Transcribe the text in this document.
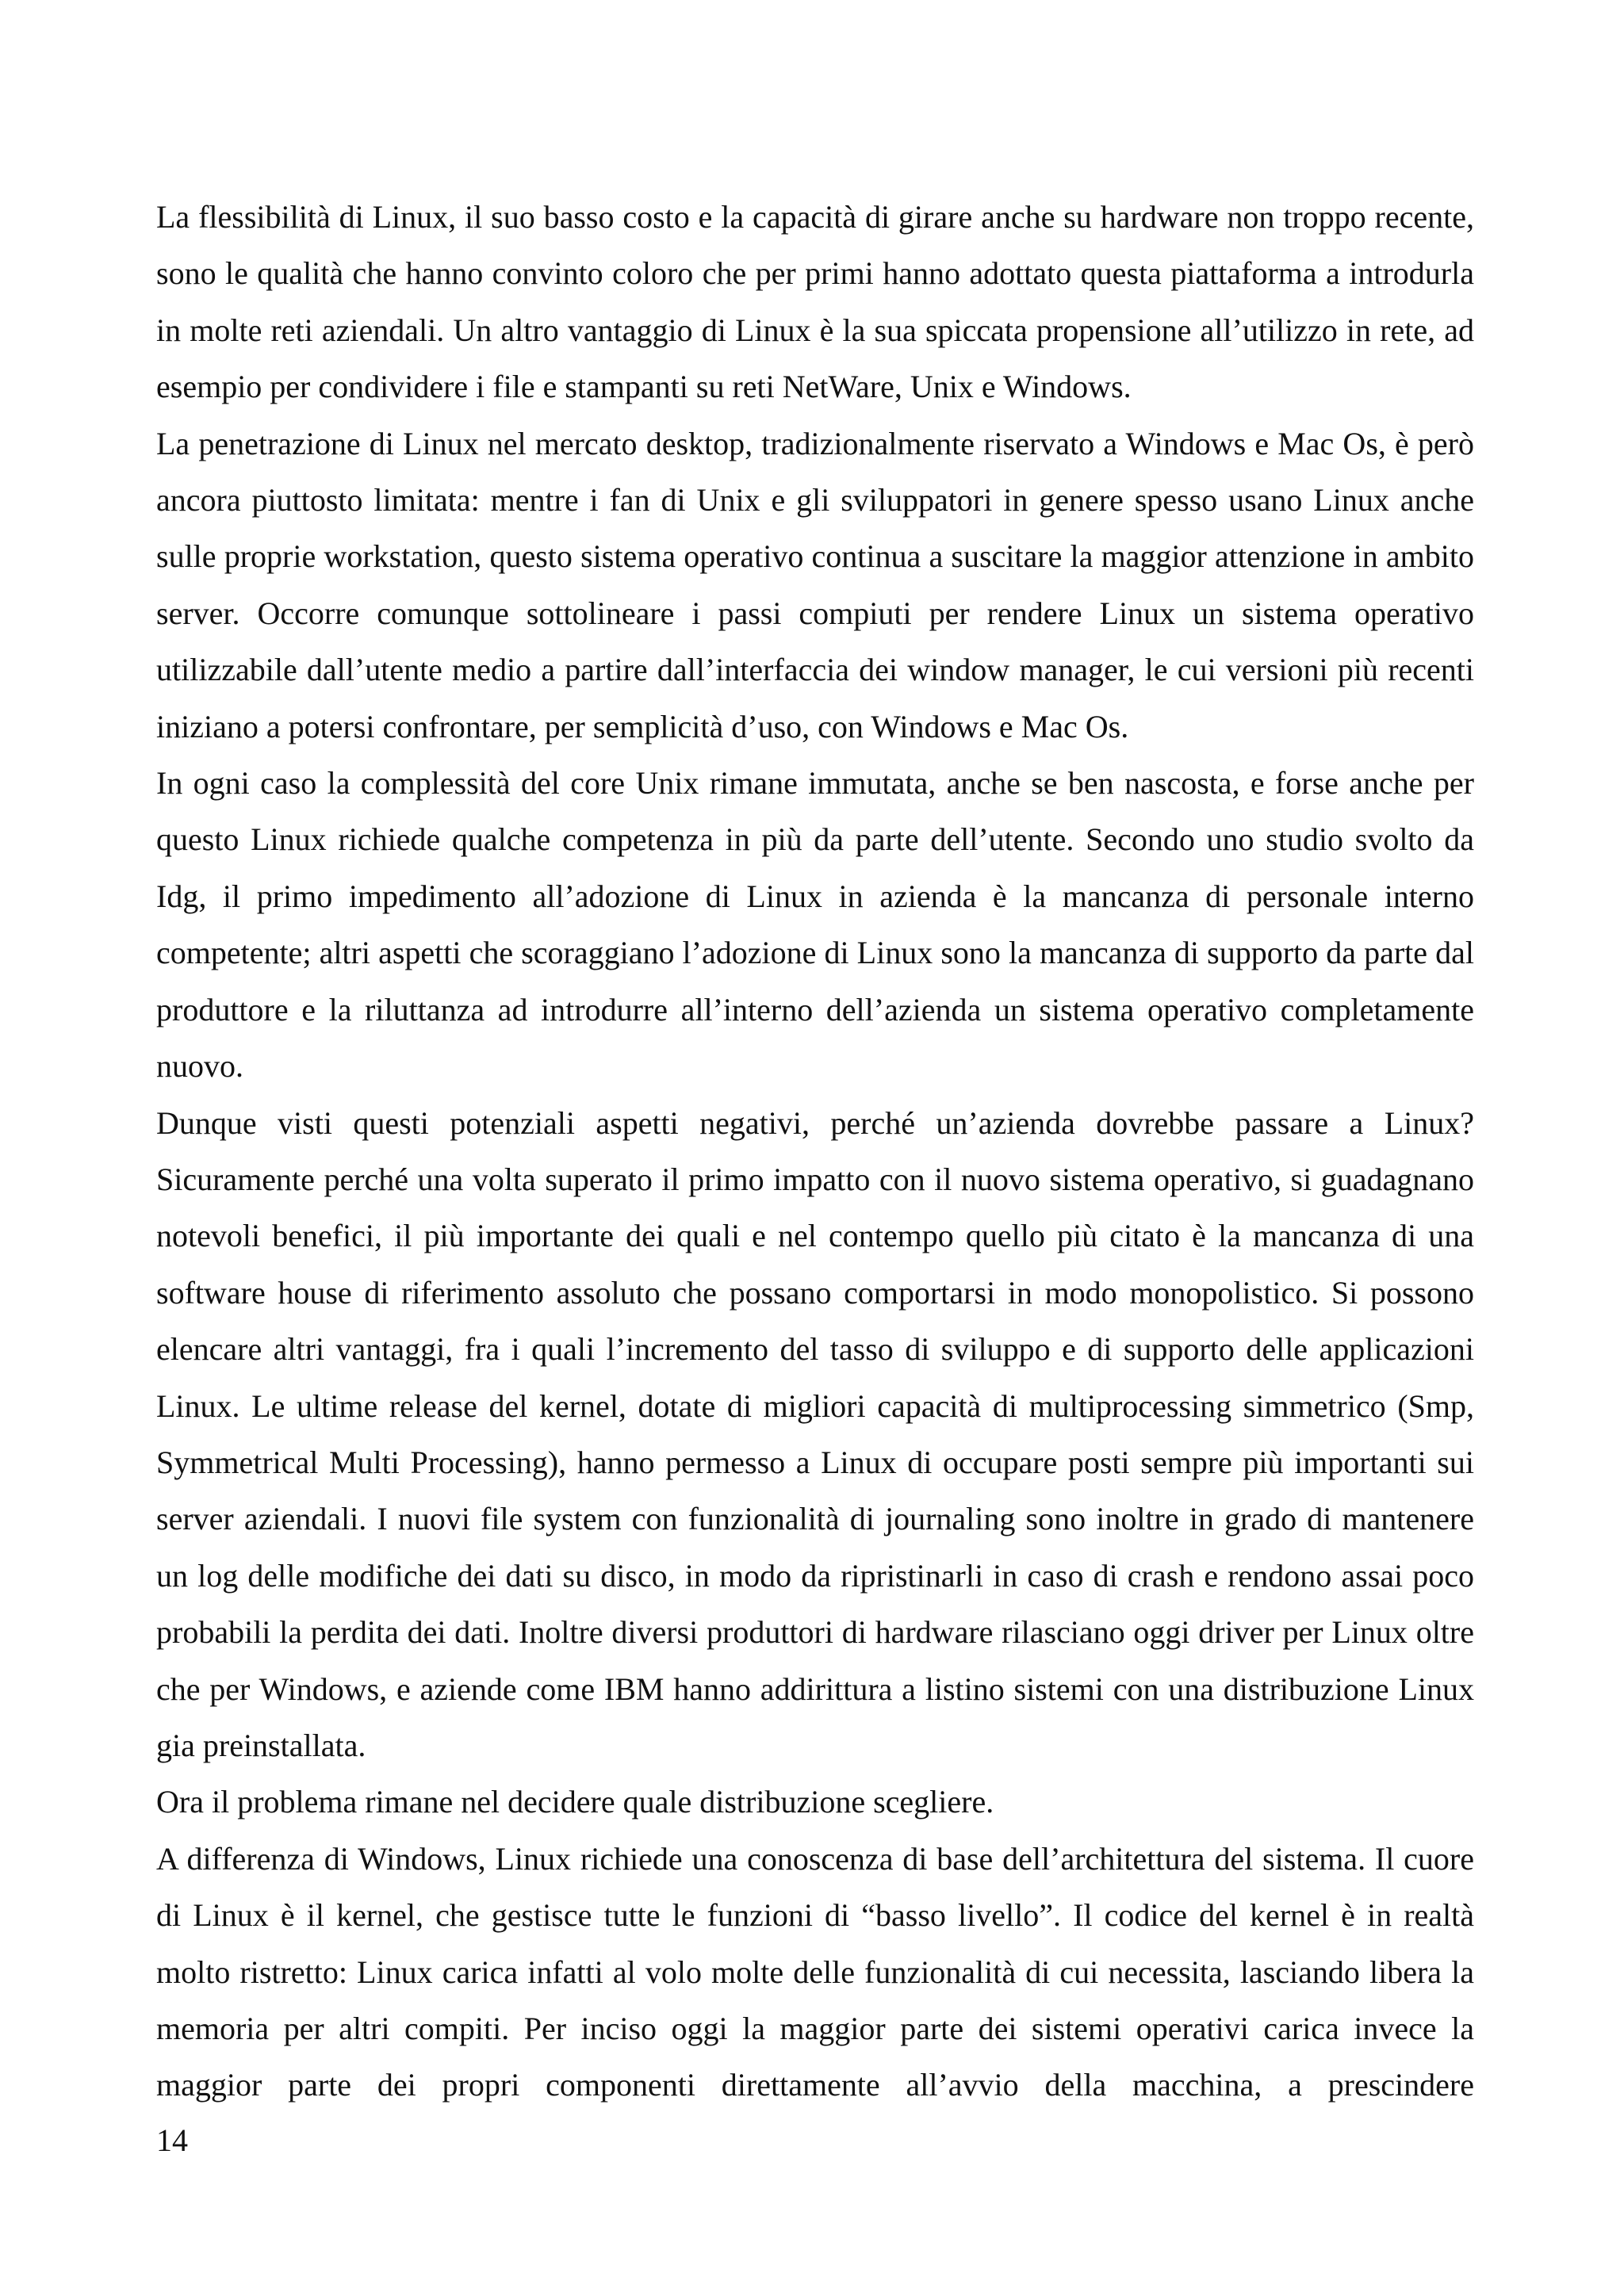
La flessibilità di Linux, il suo basso costo e la capacità di girare anche su hardware non troppo recente, sono le qualità che hanno convinto coloro che per primi hanno adottato questa piattaforma a introdurla in molte reti aziendali. Un altro vantaggio di Linux è la sua spiccata propensione all’utilizzo in rete, ad esempio per condividere i file e stampanti su reti NetWare, Unix e Windows.

La penetrazione di Linux nel mercato desktop, tradizionalmente riservato a Windows e Mac Os, è però ancora piuttosto limitata: mentre i fan di Unix e gli sviluppatori in genere spesso usano Linux anche sulle proprie workstation, questo sistema operativo continua a suscitare la maggior attenzione in ambito server. Occorre comunque sottolineare i passi compiuti per rendere Linux un sistema operativo utilizzabile dall’utente medio a partire dall’interfaccia dei window manager, le cui versioni più recenti iniziano a potersi confrontare, per semplicità d’uso, con Windows e Mac Os.

In ogni caso la complessità del core Unix rimane immutata, anche se ben nascosta, e forse anche per questo Linux richiede qualche competenza in più da parte dell’utente. Secondo uno studio svolto da Idg, il primo impedimento all’adozione di Linux in azienda è la mancanza di personale interno competente; altri aspetti che scoraggiano l’adozione di Linux sono la mancanza di supporto da parte dal produttore e la riluttanza ad introdurre all’interno dell’azienda un sistema operativo completamente nuovo.

Dunque visti questi potenziali aspetti negativi, perché un’azienda dovrebbe passare a Linux? Sicuramente perché una volta superato il primo impatto con il nuovo sistema operativo, si guadagnano notevoli benefici, il più importante dei quali e nel contempo quello più citato è la mancanza di una software house di riferimento assoluto che possano comportarsi in modo monopolistico. Si possono elencare altri vantaggi, fra i quali l’incremento del tasso di sviluppo e di supporto delle applicazioni Linux. Le ultime release del kernel, dotate di migliori capacità di multiprocessing simmetrico (Smp, Symmetrical Multi Processing), hanno permesso a Linux di occupare posti sempre più importanti sui server aziendali. I nuovi file system con funzionalità di journaling sono inoltre in grado di mantenere un log delle modifiche dei dati su disco, in modo da ripristinarli in caso di crash e rendono assai poco probabili la perdita dei dati. Inoltre diversi produttori di hardware rilasciano oggi driver per Linux oltre che per Windows, e aziende come IBM hanno addirittura a listino sistemi con una distribuzione Linux gia preinstallata.

Ora il problema rimane nel decidere quale distribuzione scegliere.

A differenza di Windows, Linux richiede una conoscenza di base dell’architettura del sistema. Il cuore di Linux è il kernel, che gestisce tutte le funzioni di “basso livello”. Il codice del kernel è in realtà molto ristretto: Linux carica infatti al volo molte delle funzionalità di cui necessita, lasciando libera la memoria per altri compiti. Per inciso oggi la maggior parte dei sistemi operativi carica invece la maggior parte dei propri componenti direttamente all’avvio della macchina, a prescindere

14
